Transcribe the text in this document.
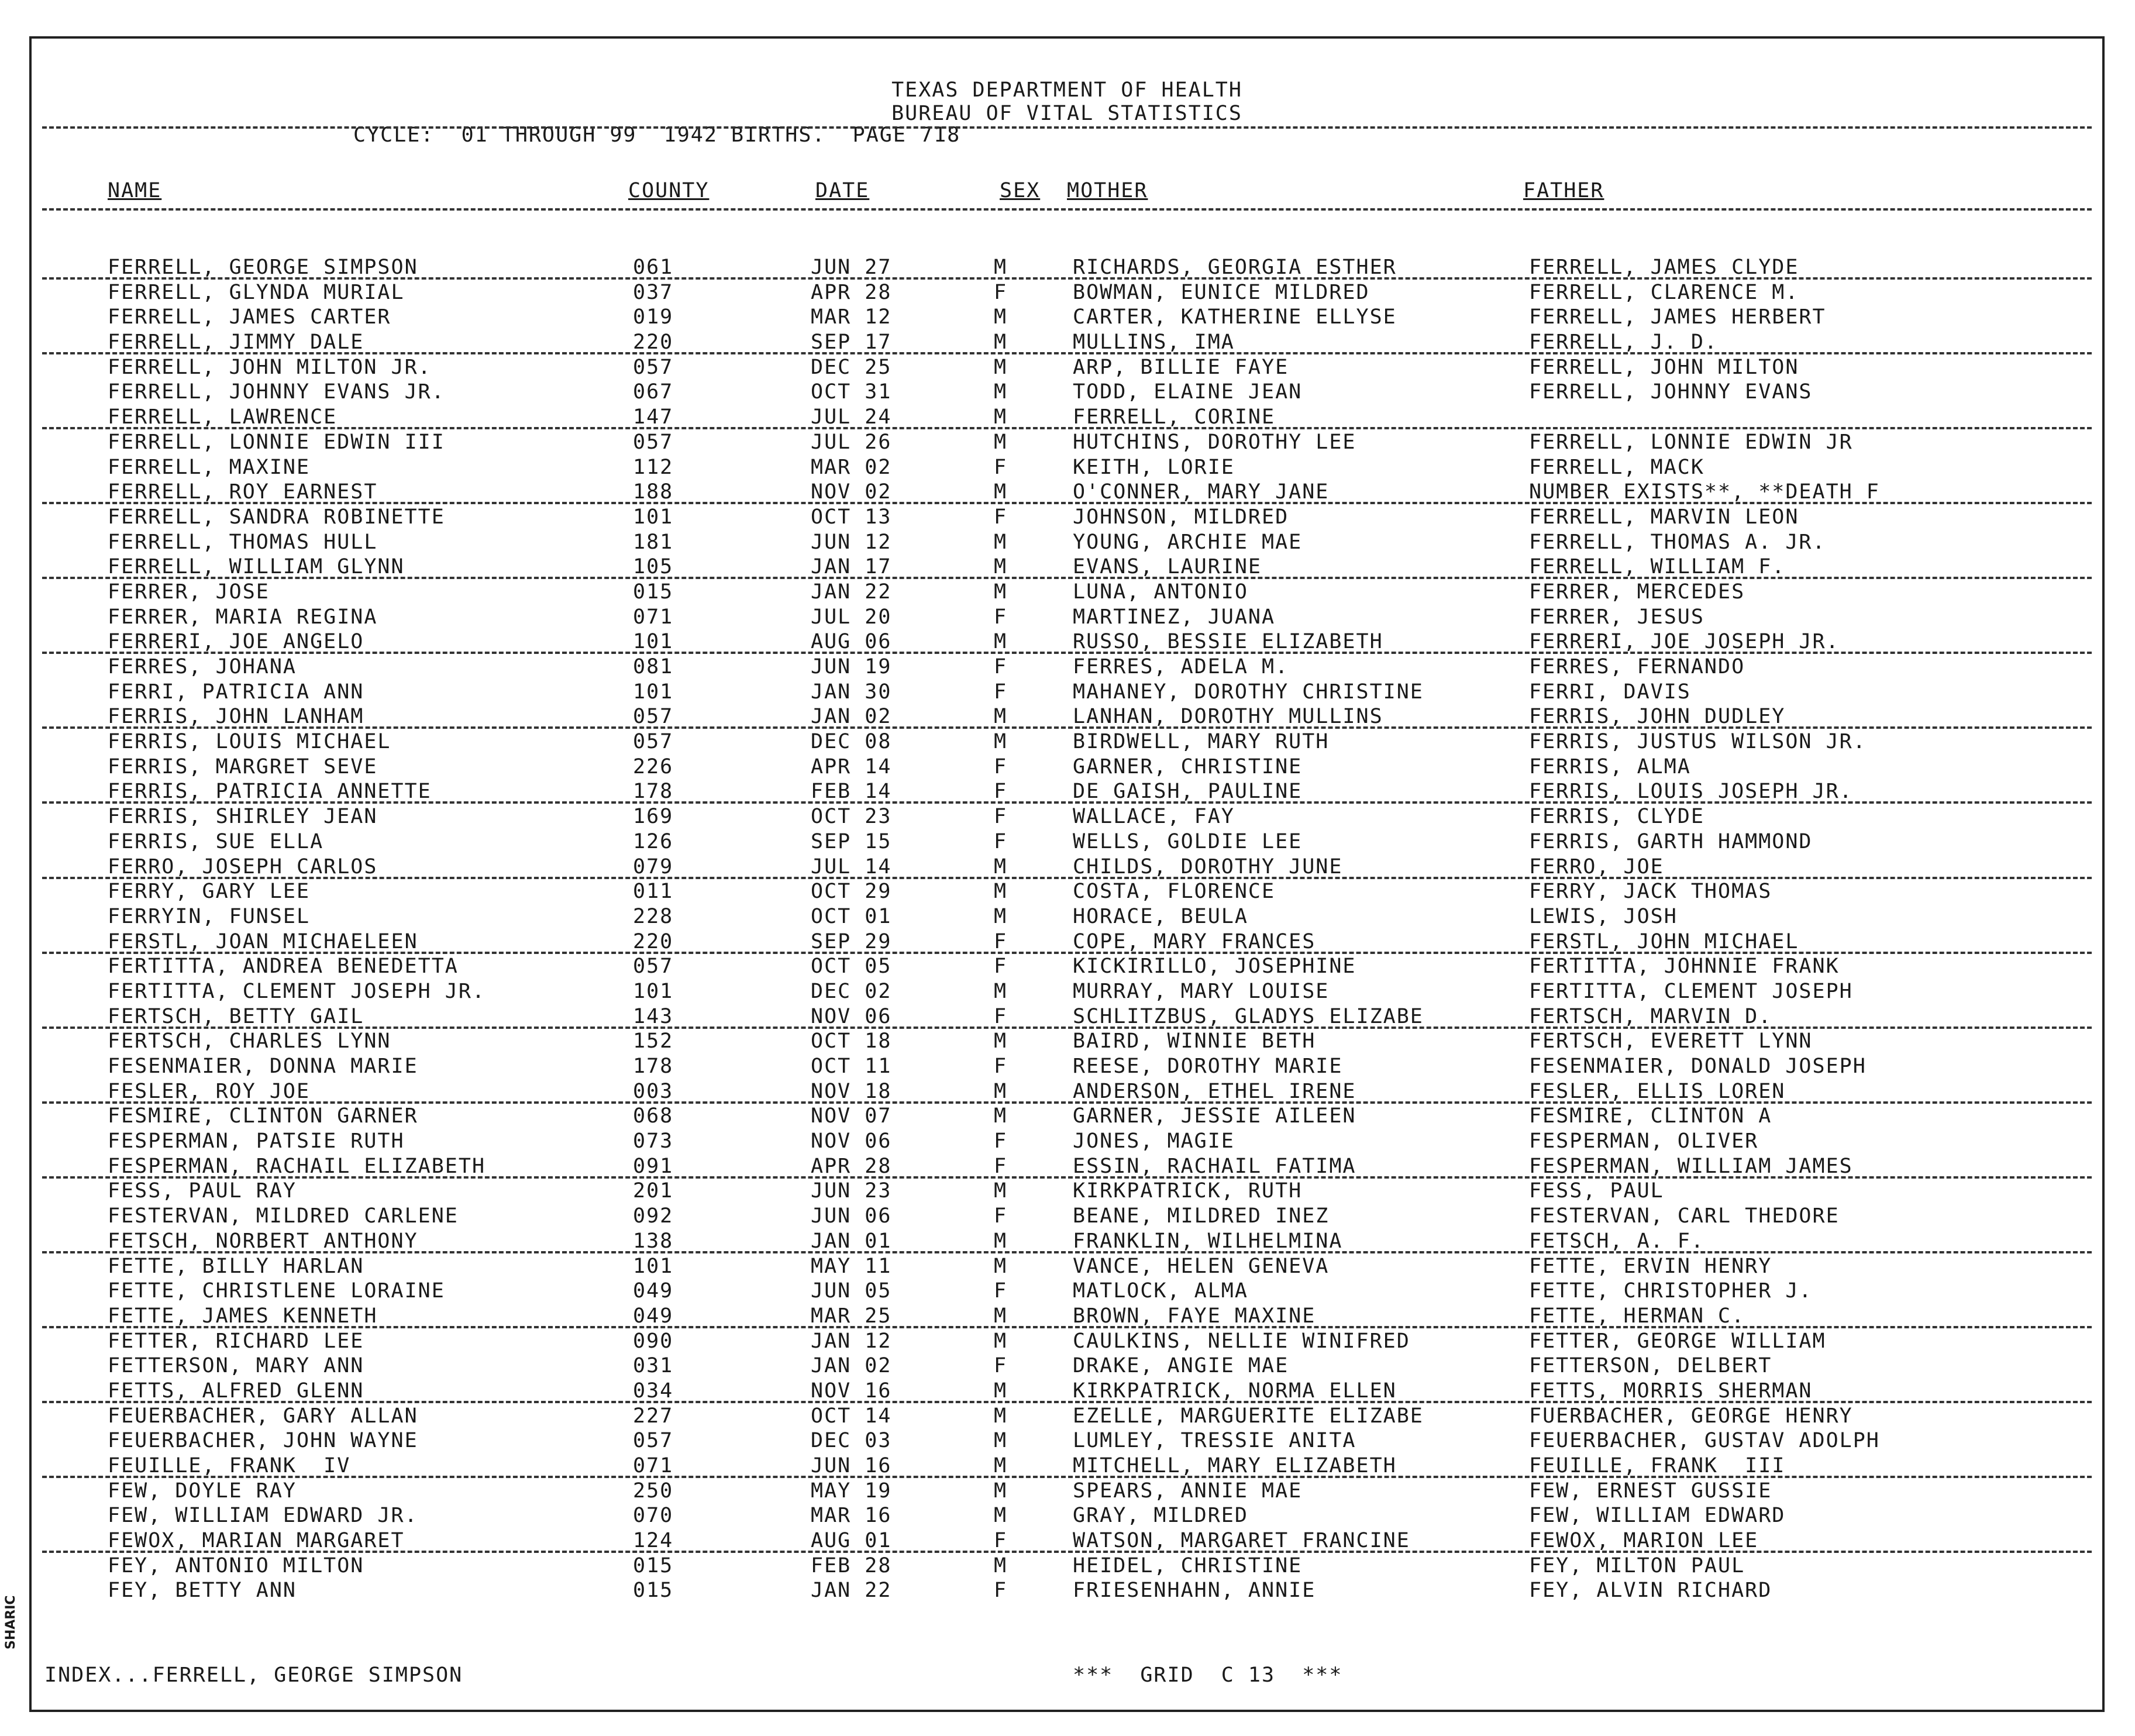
TEXAS DEPARTMENT OF HEALTH
BUREAU OF VITAL STATISTICS
CYCLE:  01 THROUGH 99  1942 BIRTHS.  PAGE 718
NAME	COUNTY	DATE	SEX MOTHER	FATHER
FERRELL, GEORGE SIMPSON	061	JUN 27	M	RICHARDS, GEORGIA ESTHER	FERRELL, JAMES CLYDE
FERRELL, GLYNDA MURIAL	037	APR 28	F	BOWMAN, EUNICE MILDRED	FERRELL, CLARENCE M.
FERRELL, JAMES CARTER	019	MAR 12	M	CARTER, KATHERINE ELLYSE	FERRELL, JAMES HERBERT
FERRELL, JIMMY DALE	220	SEP 17	M	MULLINS, IMA	FERRELL, J. D.
FERRELL, JOHN MILTON JR.	057	DEC 25	M	ARP, BILLIE FAYE	FERRELL, JOHN MILTON
FERRELL, JOHNNY EVANS JR.	067	OCT 31	M	TODD, ELAINE JEAN	FERRELL, JOHNNY EVANS
FERRELL, LAWRENCE	147	JUL 24	M	FERRELL, CORINE
FERRELL, LONNIE EDWIN III	057	JUL 26	M	HUTCHINS, DOROTHY LEE	FERRELL, LONNIE EDWIN JR
FERRELL, MAXINE	112	MAR 02	F	KEITH, LORIE	FERRELL, MACK
FERRELL, ROY EARNEST	188	NOV 02	M	O'CONNER, MARY JANE	NUMBER EXISTS**, **DEATH F
FERRELL, SANDRA ROBINETTE	101	OCT 13	F	JOHNSON, MILDRED	FERRELL, MARVIN LEON
FERRELL, THOMAS HULL	181	JUN 12	M	YOUNG, ARCHIE MAE	FERRELL, THOMAS A. JR.
FERRELL, WILLIAM GLYNN	105	JAN 17	M	EVANS, LAURINE	FERRELL, WILLIAM F.
FERRER, JOSE	015	JAN 22	M	LUNA, ANTONIO	FERRER, MERCEDES
FERRER, MARIA REGINA	071	JUL 20	F	MARTINEZ, JUANA	FERRER, JESUS
FERRERI, JOE ANGELO	101	AUG 06	M	RUSSO, BESSIE ELIZABETH	FERRERI, JOE JOSEPH JR.
FERRES, JOHANA	081	JUN 19	F	FERRES, ADELA M.	FERRES, FERNANDO
FERRI, PATRICIA ANN	101	JAN 30	F	MAHANEY, DOROTHY CHRISTINE	FERRI, DAVIS
FERRIS, JOHN LANHAM	057	JAN 02	M	LANHAN, DOROTHY MULLINS	FERRIS, JOHN DUDLEY
FERRIS, LOUIS MICHAEL	057	DEC 08	M	BIRDWELL, MARY RUTH	FERRIS, JUSTUS WILSON JR.
FERRIS, MARGRET SEVE	226	APR 14	F	GARNER, CHRISTINE	FERRIS, ALMA
FERRIS, PATRICIA ANNETTE	178	FEB 14	F	DE GAISH, PAULINE	FERRIS, LOUIS JOSEPH JR.
FERRIS, SHIRLEY JEAN	169	OCT 23	F	WALLACE, FAY	FERRIS, CLYDE
FERRIS, SUE ELLA	126	SEP 15	F	WELLS, GOLDIE LEE	FERRIS, GARTH HAMMOND
FERRO, JOSEPH CARLOS	079	JUL 14	M	CHILDS, DOROTHY JUNE	FERRO, JOE
FERRY, GARY LEE	011	OCT 29	M	COSTA, FLORENCE	FERRY, JACK THOMAS
FERRYIN, FUNSEL	228	OCT 01	M	HORACE, BEULA	LEWIS, JOSH
FERSTL, JOAN MICHAELEEN	220	SEP 29	F	COPE, MARY FRANCES	FERSTL, JOHN MICHAEL
FERTITTA, ANDREA BENEDETTA	057	OCT 05	F	KICKIRILLO, JOSEPHINE	FERTITTA, JOHNNIE FRANK
FERTITTA, CLEMENT JOSEPH JR.	101	DEC 02	M	MURRAY, MARY LOUISE	FERTITTA, CLEMENT JOSEPH
FERTSCH, BETTY GAIL	143	NOV 06	F	SCHLITZBUS, GLADYS ELIZABE	FERTSCH, MARVIN D.
FERTSCH, CHARLES LYNN	152	OCT 18	M	BAIRD, WINNIE BETH	FERTSCH, EVERETT LYNN
FESENMAIER, DONNA MARIE	178	OCT 11	F	REESE, DOROTHY MARIE	FESENMAIER, DONALD JOSEPH
FESLER, ROY JOE	003	NOV 18	M	ANDERSON, ETHEL IRENE	FESLER, ELLIS LOREN
FESMIRE, CLINTON GARNER	068	NOV 07	M	GARNER, JESSIE AILEEN	FESMIRE, CLINTON A
FESPERMAN, PATSIE RUTH	073	NOV 06	F	JONES, MAGIE	FESPERMAN, OLIVER
FESPERMAN, RACHAIL ELIZABETH	091	APR 28	F	ESSIN, RACHAIL FATIMA	FESPERMAN, WILLIAM JAMES
FESS, PAUL RAY	201	JUN 23	M	KIRKPATRICK, RUTH	FESS, PAUL
FESTERVAN, MILDRED CARLENE	092	JUN 06	F	BEANE, MILDRED INEZ	FESTERVAN, CARL THEDORE
FETSCH, NORBERT ANTHONY	138	JAN 01	M	FRANKLIN, WILHELMINA	FETSCH, A. F.
FETTE, BILLY HARLAN	101	MAY 11	M	VANCE, HELEN GENEVA	FETTE, ERVIN HENRY
FETTE, CHRISTLENE LORAINE	049	JUN 05	F	MATLOCK, ALMA	FETTE, CHRISTOPHER J.
FETTE, JAMES KENNETH	049	MAR 25	M	BROWN, FAYE MAXINE	FETTE, HERMAN C.
FETTER, RICHARD LEE	090	JAN 12	M	CAULKINS, NELLIE WINIFRED	FETTER, GEORGE WILLIAM
FETTERSON, MARY ANN	031	JAN 02	F	DRAKE, ANGIE MAE	FETTERSON, DELBERT
FETTS, ALFRED GLENN	034	NOV 16	M	KIRKPATRICK, NORMA ELLEN	FETTS, MORRIS SHERMAN
FEUERBACHER, GARY ALLAN	227	OCT 14	M	EZELLE, MARGUERITE ELIZABE	FUERBACHER, GEORGE HENRY
FEUERBACHER, JOHN WAYNE	057	DEC 03	M	LUMLEY, TRESSIE ANITA	FEUERBACHER, GUSTAV ADOLPH
FEUILLE, FRANK  IV	071	JUN 16	M	MITCHELL, MARY ELIZABETH	FEUILLE, FRANK  III
FEW, DOYLE RAY	250	MAY 19	M	SPEARS, ANNIE MAE	FEW, ERNEST GUSSIE
FEW, WILLIAM EDWARD JR.	070	MAR 16	M	GRAY, MILDRED	FEW, WILLIAM EDWARD
FEWOX, MARIAN MARGARET	124	AUG 01	F	WATSON, MARGARET FRANCINE	FEWOX, MARION LEE
FEY, ANTONIO MILTON	015	FEB 28	M	HEIDEL, CHRISTINE	FEY, MILTON PAUL
FEY, BETTY ANN	015	JAN 22	F	FRIESENHAHN, ANNIE	FEY, ALVIN RICHARD
INDEX...FERRELL, GEORGE SIMPSON	***  GRID  C 13  ***
SHARIC
